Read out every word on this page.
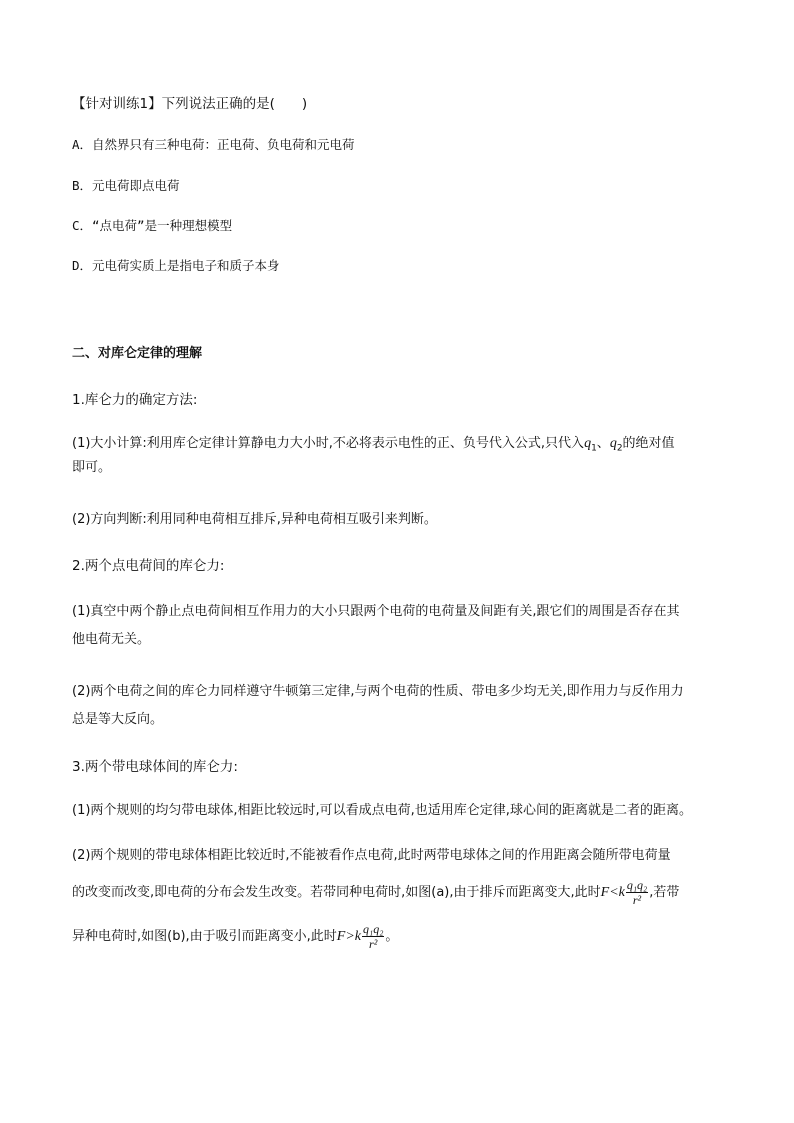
【针对训练1】下列说法正确的是(　　)
A．自然界只有三种电荷：正电荷、负电荷和元电荷
B．元电荷即点电荷
C．“点电荷”是一种理想模型
D．元电荷实质上是指电子和质子本身
二、对库仑定律的理解
1.库仑力的确定方法:
(1)大小计算:利用库仑定律计算静电力大小时,不必将表示电性的正、负号代入公式,只代入$q_1$、$q_2$的绝对值
即可。
(2)方向判断:利用同种电荷相互排斥,异种电荷相互吸引来判断。
2.两个点电荷间的库仑力:
(1)真空中两个静止点电荷间相互作用力的大小只跟两个电荷的电荷量及间距有关,跟它们的周围是否存在其
他电荷无关。
(2)两个电荷之间的库仑力同样遵守牛顿第三定律,与两个电荷的性质、带电多少均无关,即作用力与反作用力
总是等大反向。
3.两个带电球体间的库仑力:
(1)两个规则的均匀带电球体,相距比较远时,可以看成点电荷,也适用库仑定律,球心间的距离就是二者的距离。
(2)两个规则的带电球体相距比较近时,不能被看作点电荷,此时两带电球体之间的作用距离会随所带电荷量
的改变而改变,即电荷的分布会发生改变。若带同种电荷时,如图(a),由于排斥而距离变大,此时$F<k \frac{\text{q₁q₂}}{\text{r²}}$ ,若带
异种电荷时,如图(b),由于吸引而距离变小,此时$F>k \frac{\text{q₁q₂}}{\text{r²}}$ 。
